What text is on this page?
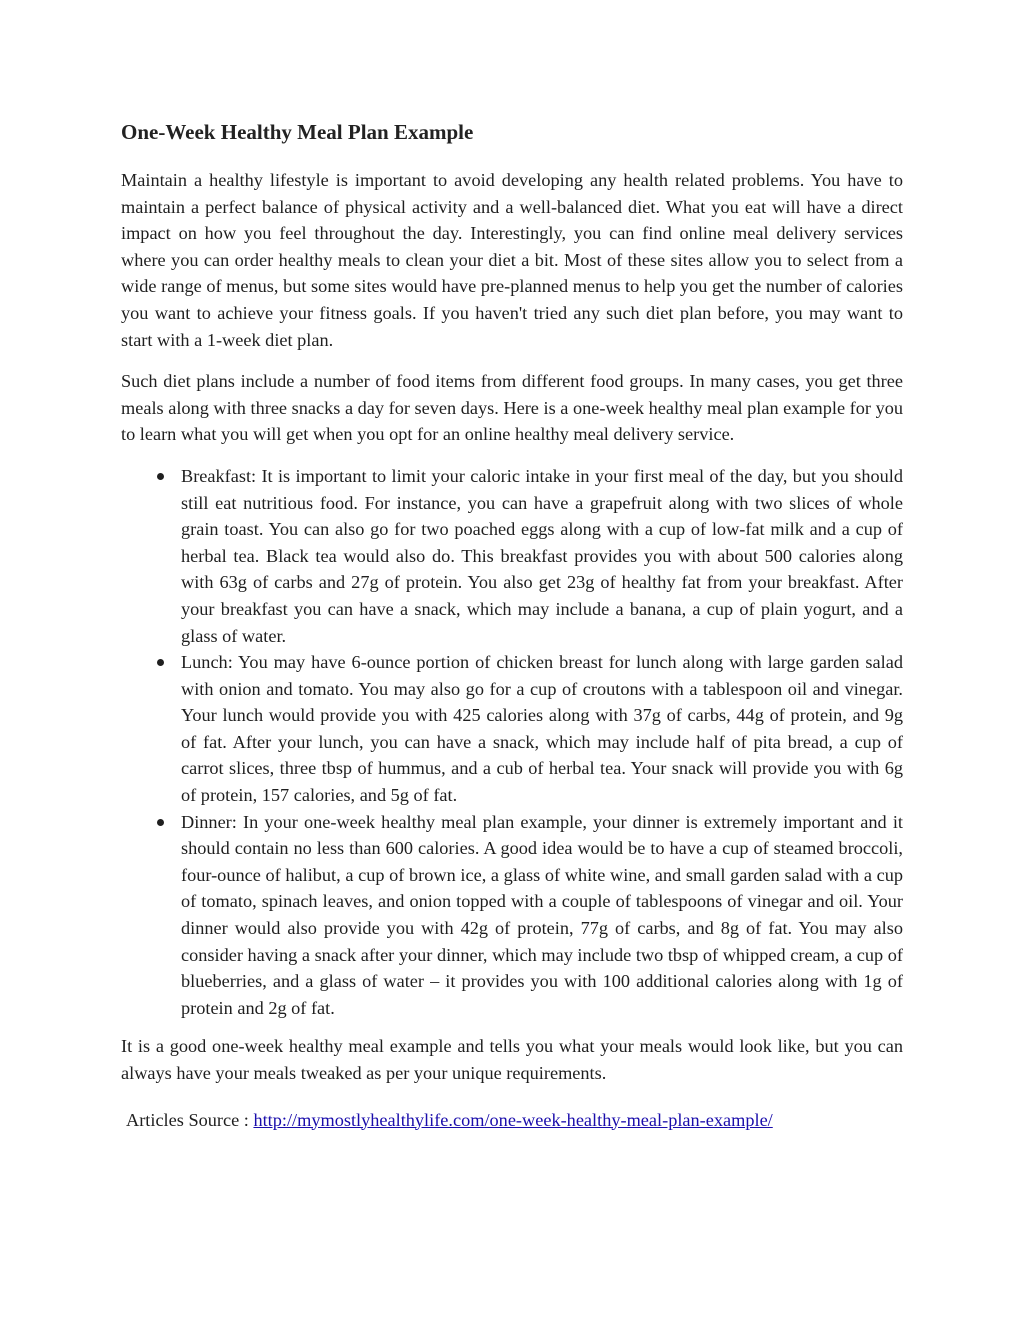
One-Week Healthy Meal Plan Example

Maintain a healthy lifestyle is important to avoid developing any health related problems. You have to maintain a perfect balance of physical activity and a well-balanced diet. What you eat will have a direct impact on how you feel throughout the day. Interestingly, you can find online meal delivery services where you can order healthy meals to clean your diet a bit. Most of these sites allow you to select from a wide range of menus, but some sites would have pre-planned menus to help you get the number of calories you want to achieve your fitness goals. If you haven't tried any such diet plan before, you may want to start with a 1-week diet plan.

Such diet plans include a number of food items from different food groups. In many cases, you get three meals along with three snacks a day for seven days. Here is a one-week healthy meal plan example for you to learn what you will get when you opt for an online healthy meal delivery service.

Breakfast: It is important to limit your caloric intake in your first meal of the day, but you should still eat nutritious food. For instance, you can have a grapefruit along with two slices of whole grain toast. You can also go for two poached eggs along with a cup of low-fat milk and a cup of herbal tea. Black tea would also do. This breakfast provides you with about 500 calories along with 63g of carbs and 27g of protein. You also get 23g of healthy fat from your breakfast. After your breakfast you can have a snack, which may include a banana, a cup of plain yogurt, and a glass of water.
Lunch: You may have 6-ounce portion of chicken breast for lunch along with large garden salad with onion and tomato. You may also go for a cup of croutons with a tablespoon oil and vinegar. Your lunch would provide you with 425 calories along with 37g of carbs, 44g of protein, and 9g of fat. After your lunch, you can have a snack, which may include half of pita bread, a cup of carrot slices, three tbsp of hummus, and a cub of herbal tea. Your snack will provide you with 6g of protein, 157 calories, and 5g of fat.
Dinner: In your one-week healthy meal plan example, your dinner is extremely important and it should contain no less than 600 calories. A good idea would be to have a cup of steamed broccoli, four-ounce of halibut, a cup of brown ice, a glass of white wine, and small garden salad with a cup of tomato, spinach leaves, and onion topped with a couple of tablespoons of vinegar and oil. Your dinner would also provide you with 42g of protein, 77g of carbs, and 8g of fat. You may also consider having a snack after your dinner, which may include two tbsp of whipped cream, a cup of blueberries, and a glass of water – it provides you with 100 additional calories along with 1g of protein and 2g of fat.

It is a good one-week healthy meal example and tells you what your meals would look like, but you can always have your meals tweaked as per your unique requirements.

Articles Source : http://mymostlyhealthylife.com/one-week-healthy-meal-plan-example/
